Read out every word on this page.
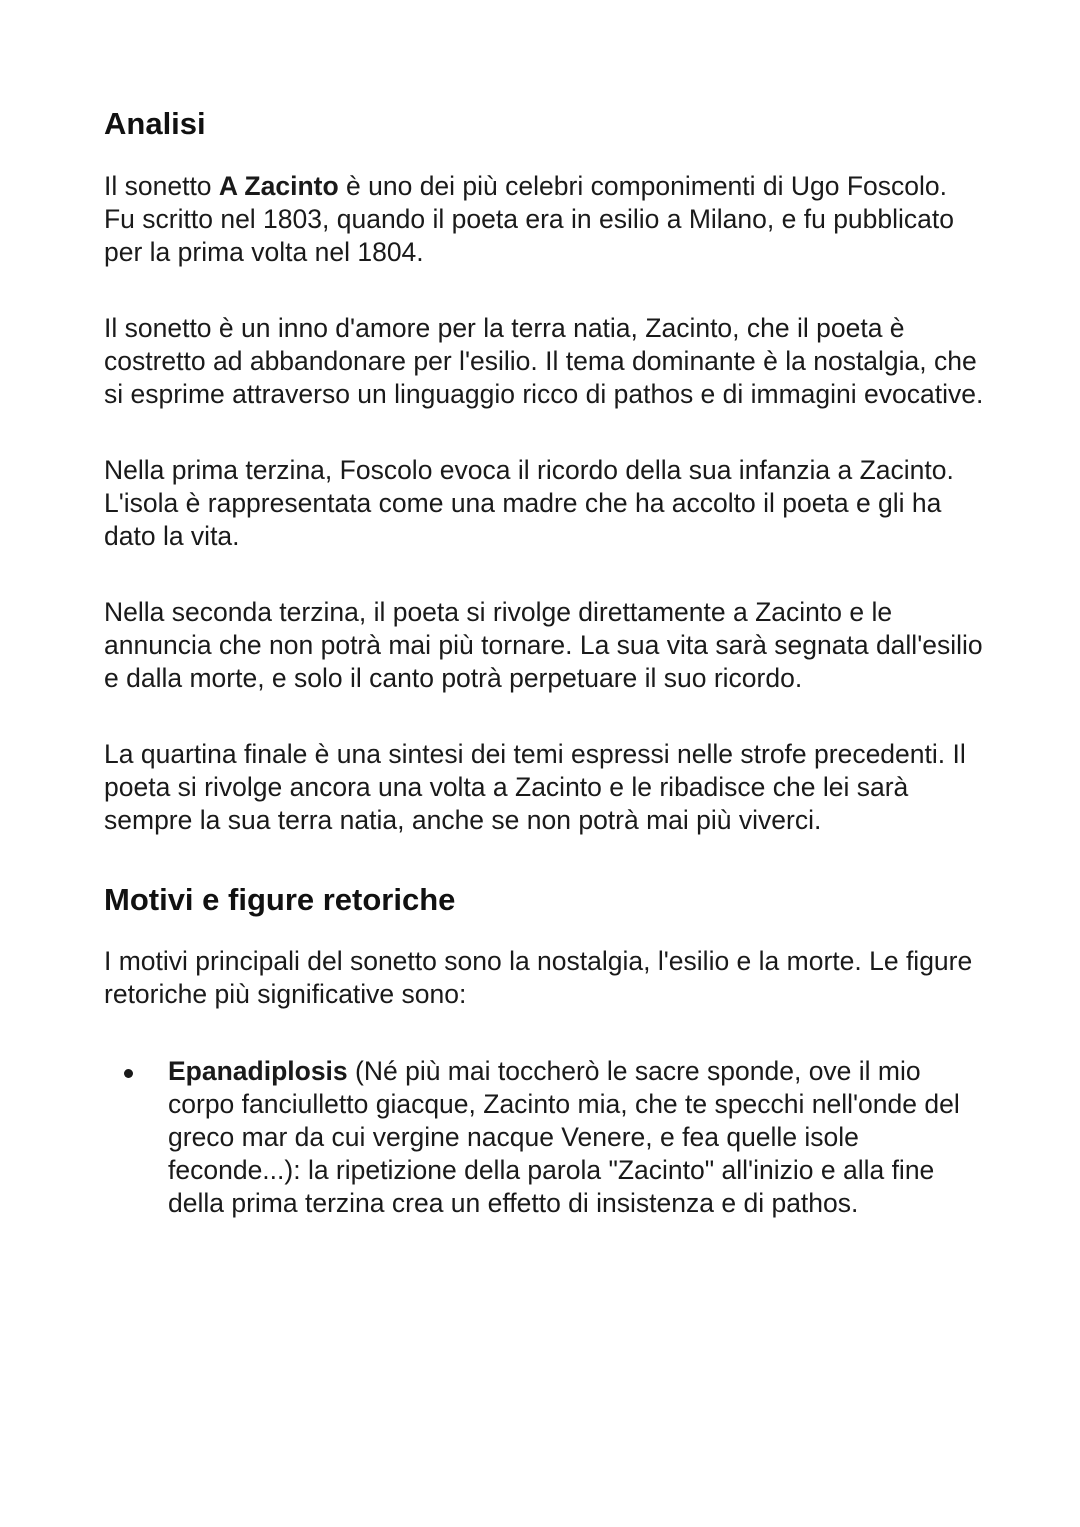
Analisi

Il sonetto A Zacinto è uno dei più celebri componimenti di Ugo Foscolo. Fu scritto nel 1803, quando il poeta era in esilio a Milano, e fu pubblicato per la prima volta nel 1804.

Il sonetto è un inno d'amore per la terra natia, Zacinto, che il poeta è costretto ad abbandonare per l'esilio. Il tema dominante è la nostalgia, che si esprime attraverso un linguaggio ricco di pathos e di immagini evocative.

Nella prima terzina, Foscolo evoca il ricordo della sua infanzia a Zacinto. L'isola è rappresentata come una madre che ha accolto il poeta e gli ha dato la vita.

Nella seconda terzina, il poeta si rivolge direttamente a Zacinto e le annuncia che non potrà mai più tornare. La sua vita sarà segnata dall'esilio e dalla morte, e solo il canto potrà perpetuare il suo ricordo.

La quartina finale è una sintesi dei temi espressi nelle strofe precedenti. Il poeta si rivolge ancora una volta a Zacinto e le ribadisce che lei sarà sempre la sua terra natia, anche se non potrà mai più viverci.

Motivi e figure retoriche

I motivi principali del sonetto sono la nostalgia, l'esilio e la morte. Le figure retoriche più significative sono:

Epanadiplosis (Né più mai toccherò le sacre sponde, ove il mio corpo fanciulletto giacque, Zacinto mia, che te specchi nell'onde del greco mar da cui vergine nacque Venere, e fea quelle isole feconde...): la ripetizione della parola "Zacinto" all'inizio e alla fine della prima terzina crea un effetto di insistenza e di pathos.
